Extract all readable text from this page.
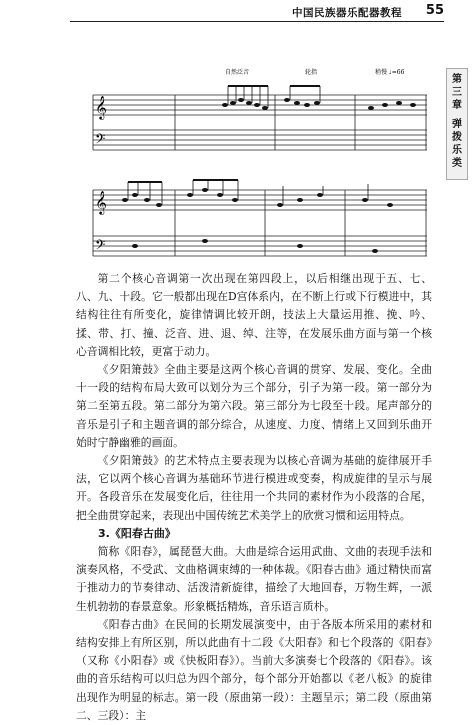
中国民族器乐配器教程 55
第
三
章
弹
拨
乐
类
𝄞
𝄢
自然泛音	轮指	稍慢 ♩=66
𝄞
𝄢

第二个核心音调第一次出现在第四段上，以后相继出现于五、七、八、九、十段。它一般都出现在D宫体系内，在不断上行或下行模进中，其结构往往有所变化，旋律情调比较开朗，技法上大量运用推、挽、吟、揉、带、打、撞、泛音、进、退、绰、注等，在发展乐曲方面与第一个核心音调相比较，更富于动力。

《夕阳箫鼓》全曲主要是这两个核心音调的贯穿、发展、变化。全曲十一段的结构布局大致可以划分为三个部分，引子为第一段。第一部分为第二至第五段。第二部分为第六段。第三部分为七段至十段。尾声部分的音乐是引子和主题音调的部分综合，从速度、力度、情绪上又回到乐曲开始时宁静幽雅的画面。

《夕阳箫鼓》的艺术特点主要表现为以核心音调为基础的旋律展开手法，它以两个核心音调为基础环节进行模进或变奏，构成旋律的呈示与展开。各段音乐在发展变化后，往往用一个共同的素材作为小段落的合尾，把全曲贯穿起来，表现出中国传统艺术美学上的欣赏习惯和运用特点。

3.《阳春古曲》

简称《阳春》，属琵琶大曲。大曲是综合运用武曲、文曲的表现手法和演奏风格，不受武、文曲格调束缚的一种体裁。《阳春古曲》通过精快而富于推动力的节奏律动、活泼清新旋律，描绘了大地回春，万物生辉，一派生机勃勃的春景意象。形象概括精炼，音乐语言质朴。

《阳春古曲》在民间的长期发展演变中，由于各版本所采用的素材和结构安排上有所区别，所以此曲有十二段《大阳春》和七个段落的《阳春》（又称《小阳春》或《快板阳春》）。当前大多演奏七个段落的《阳春》。该曲的音乐结构可以归总为四个部分，每个部分开始都以《老八板》的旋律出现作为明显的标志。第一段（原曲第一段）：主题呈示；第二段（原曲第二、三段）：主
